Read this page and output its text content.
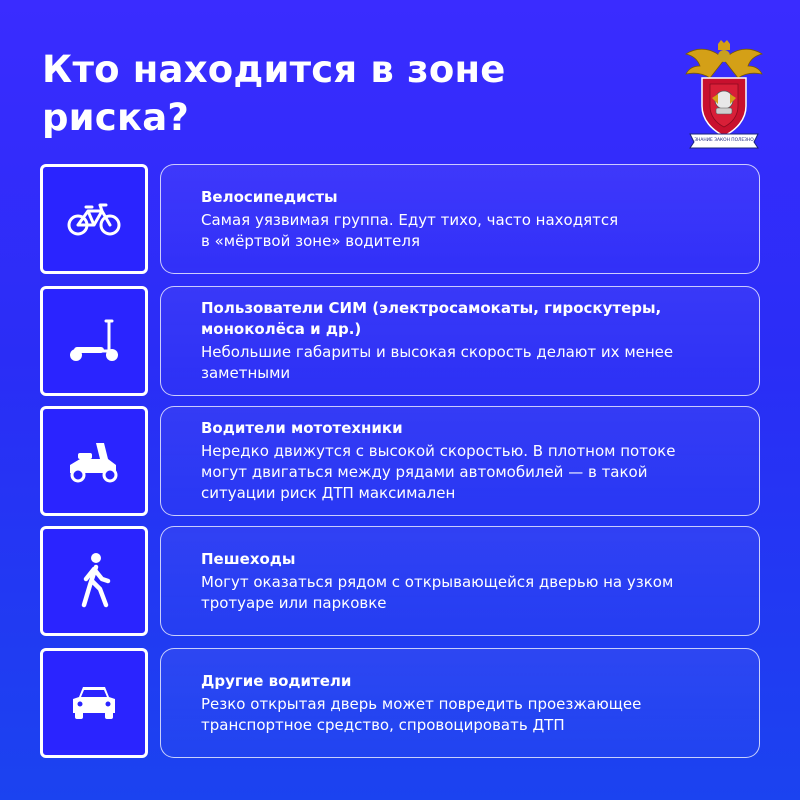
Кто находится в зоне
риска?
ЗНАНИЕ ЗАКОН ПОЛЕЗНО
Велосипедисты
Самая уязвимая группа. Едут тихо, часто находятся
в «мёртвой зоне» водителя
Пользователи СИМ (электросамокаты, гироскутеры,
моноколёса и др.)
Небольшие габариты и высокая скорость делают их менее
заметными
Водители мототехники
Нередко движутся с высокой скоростью. В плотном потоке
могут двигаться между рядами автомобилей — в такой
ситуации риск ДТП максимален
Пешеходы
Могут оказаться рядом с открывающейся дверью на узком
тротуаре или парковке
Другие водители
Резко открытая дверь может повредить проезжающее
транспортное средство, спровоцировать ДТП
